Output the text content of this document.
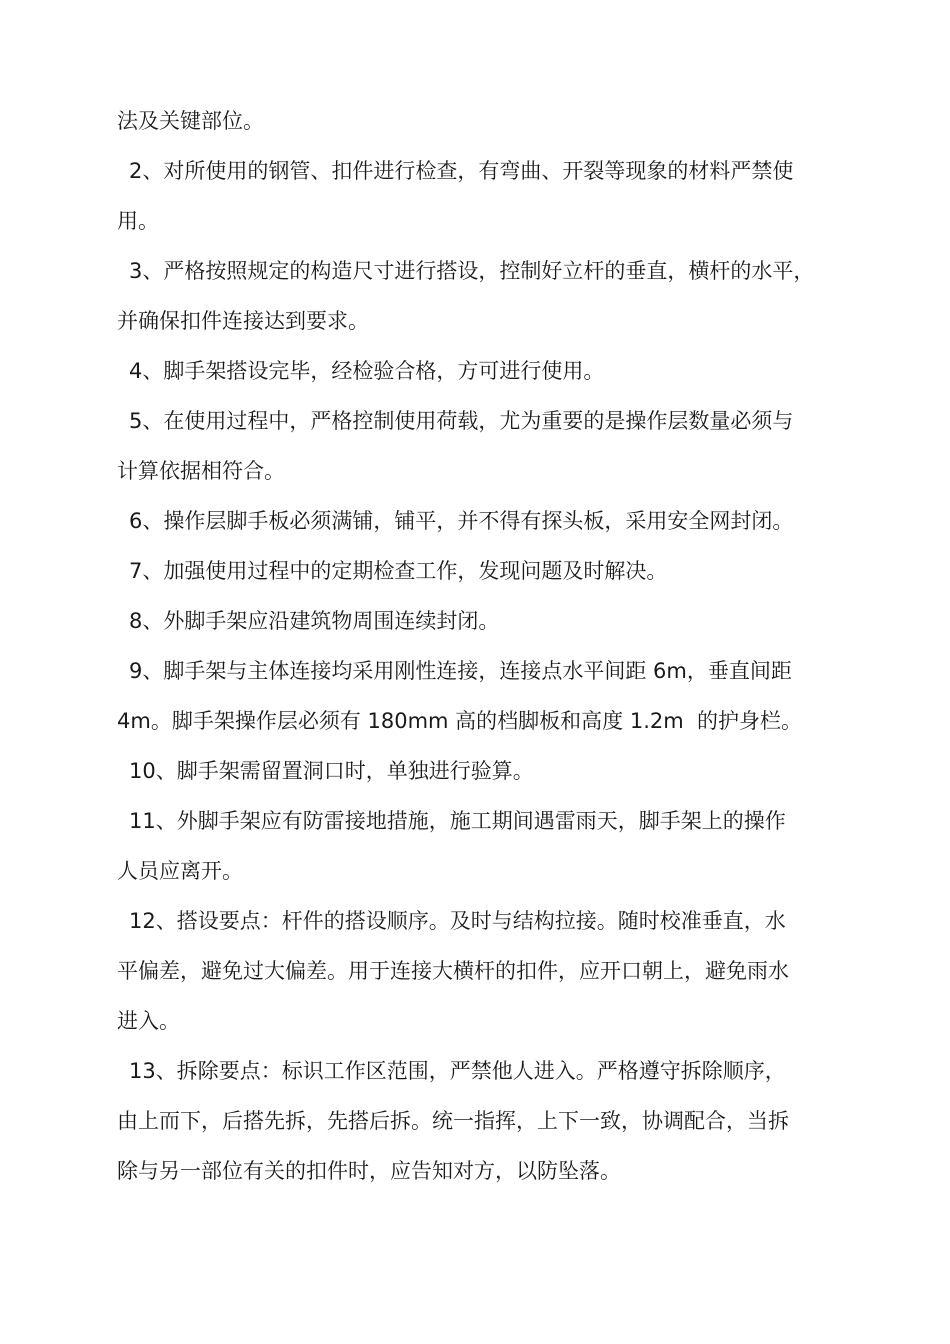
法及关键部位。
2、对所使用的钢管、扣件进行检查，有弯曲、开裂等现象的材料严禁使
用。
3、严格按照规定的构造尺寸进行搭设，控制好立杆的垂直，横杆的水平，
并确保扣件连接达到要求。
4、脚手架搭设完毕，经检验合格，方可进行使用。
5、在使用过程中，严格控制使用荷载，尤为重要的是操作层数量必须与
计算依据相符合。
6、操作层脚手板必须满铺，铺平，并不得有探头板，采用安全网封闭。
7、加强使用过程中的定期检查工作，发现问题及时解决。
8、外脚手架应沿建筑物周围连续封闭。
9、脚手架与主体连接均采用刚性连接，连接点水平间距 6m，垂直间距
4m。脚手架操作层必须有 180mm 高的档脚板和高度 1.2m  的护身栏。
10、脚手架需留置洞口时，单独进行验算。
11、外脚手架应有防雷接地措施，施工期间遇雷雨天，脚手架上的操作
人员应离开。
12、搭设要点：杆件的搭设顺序。及时与结构拉接。随时校准垂直，水
平偏差，避免过大偏差。用于连接大横杆的扣件，应开口朝上，避免雨水
进入。
13、拆除要点：标识工作区范围，严禁他人进入。严格遵守拆除顺序，
由上而下，后搭先拆，先搭后拆。统一指挥，上下一致，协调配合，当拆
除与另一部位有关的扣件时，应告知对方，以防坠落。
